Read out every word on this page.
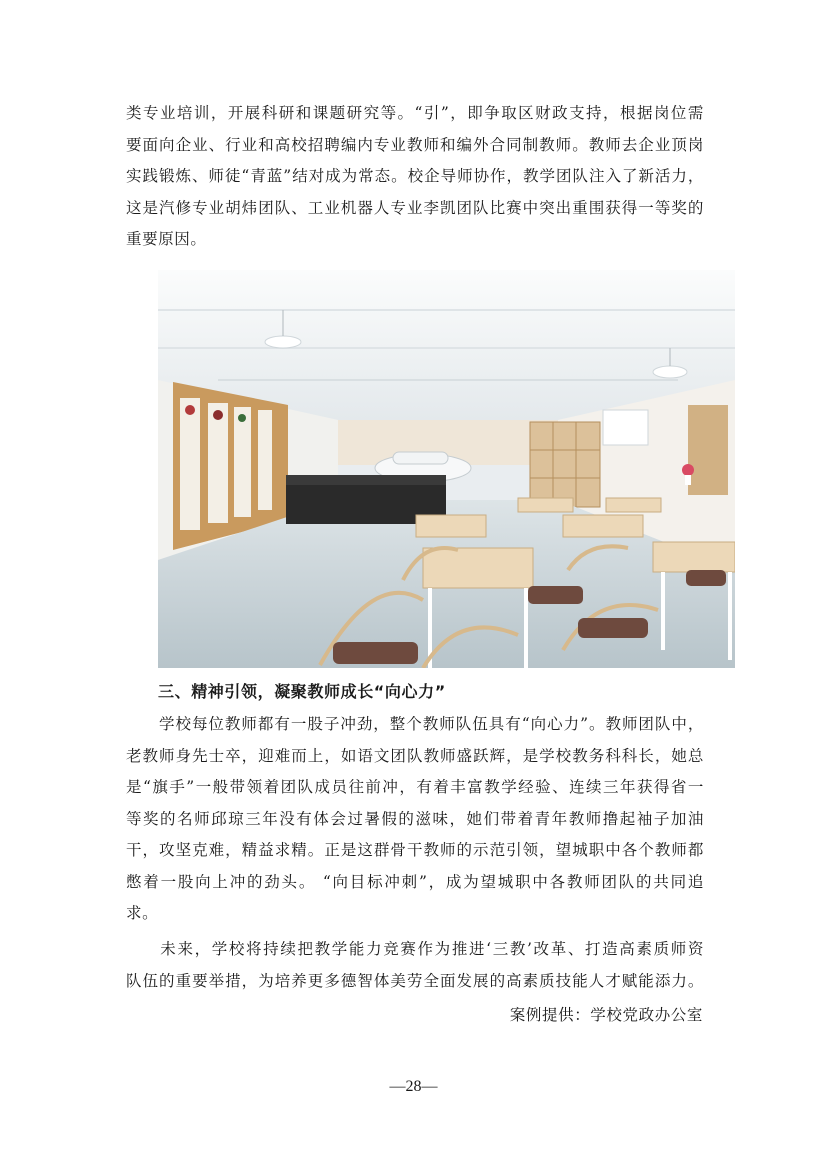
类专业培训，开展科研和课题研究等。“引”，即争取区财政支持，根据岗位需
要面向企业、行业和高校招聘编内专业教师和编外合同制教师。教师去企业顶岗
实践锻炼、师徒“青蓝”结对成为常态。校企导师协作，教学团队注入了新活力，
这是汽修专业胡炜团队、工业机器人专业李凯团队比赛中突出重围获得一等奖的
重要原因。
三、精神引领，凝聚教师成长“向心力”
　　学校每位教师都有一股子冲劲，整个教师队伍具有“向心力”。教师团队中，
老教师身先士卒，迎难而上，如语文团队教师盛跃辉，是学校教务科科长，她总
是“旗手”一般带领着团队成员往前冲，有着丰富教学经验、连续三年获得省一
等奖的名师邱琼三年没有体会过暑假的滋味，她们带着青年教师撸起袖子加油
干，攻坚克难，精益求精。正是这群骨干教师的示范引领，望城职中各个教师都
憋着一股向上冲的劲头。 “向目标冲刺”，成为望城职中各教师团队的共同追
求。
　　未来，学校将持续把教学能力竞赛作为推进‘三教’改革、打造高素质师资
队伍的重要举措，为培养更多德智体美劳全面发展的高素质技能人才赋能添力。
案例提供：学校党政办公室
—28—
